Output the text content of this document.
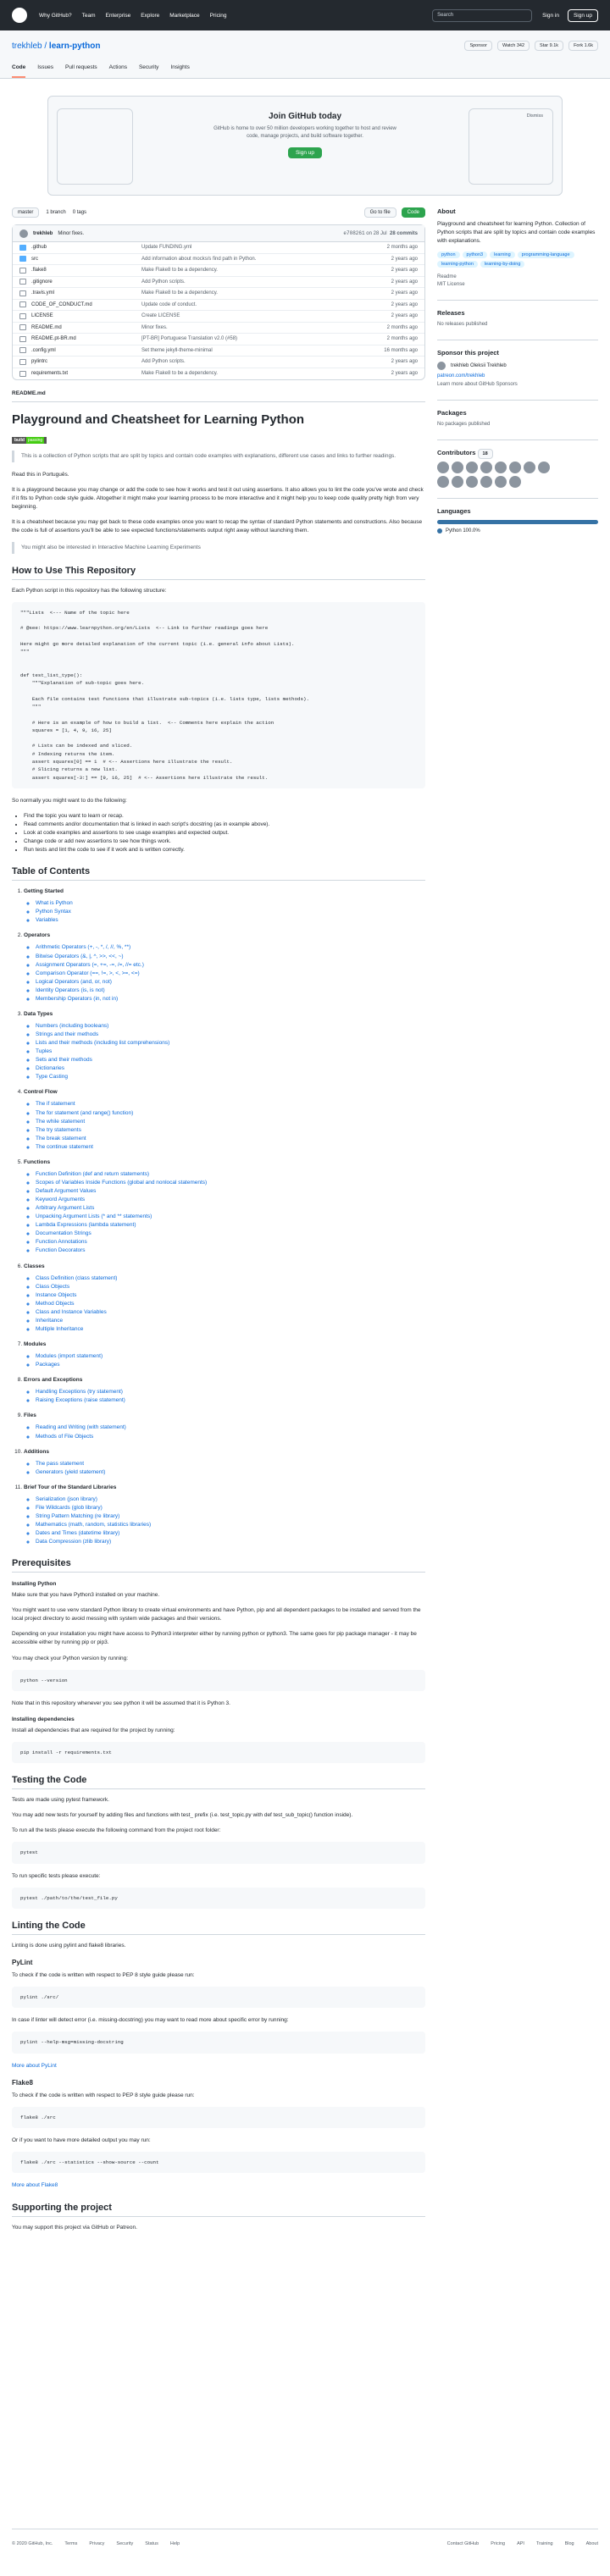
Why GitHub? Team Enterprise Explore Marketplace Pricing	Search	Sign in	Sign up
trekhleb / learn-python	Sponsor	Watch 342	Star 9.1k	Fork 1.6k
Code Issues Pull requests Actions Security Insights
Dismiss
Join GitHub today

GitHub is home to over 50 million developers working together to host and review code, manage projects, and build software together.

Sign up
master	1 branch 0 tags	Go to file	Code
trekhleb Minor fixes.	e708261 on 28 Jul 28 commits
.github	Update FUNDING.yml	2 months ago
src	Add information about mocks/s find path in Python.	2 years ago
.flake8	Make Flake8 to be a dependency.	2 years ago
.gitignore	Add Python scripts.	2 years ago
.travis.yml	Make Flake8 to be a dependency.	2 years ago
CODE_OF_CONDUCT.md	Update code of conduct.	2 years ago
LICENSE	Create LICENSE	2 years ago
README.md	Minor fixes.	2 months ago
README.pt-BR.md	[PT-BR] Portuguese Translation v2.0 (#58)	2 months ago
.config.yml	Set theme jekyll-theme-minimal	16 months ago
pylintrc	Add Python scripts.	2 years ago
requirements.txt	Make Flake8 to be a dependency.	2 years ago
README.md
Playground and Cheatsheet for Learning Python
build passing
This is a collection of Python scripts that are split by topics and contain code examples with explanations, different use cases and links to further readings.

Read this in Português.

It is a playground because you may change or add the code to see how it works and test it out using assertions. It also allows you to lint the code you've wrote and check if it fits to Python code style guide. Altogether it might make your learning process to be more interactive and it might help you to keep code quality pretty high from very beginning.

It is a cheatsheet because you may get back to these code examples once you want to recap the syntax of standard Python statements and constructions. Also because the code is full of assertions you'll be able to see expected functions/statements output right away without launching them.

You might also be interested in Interactive Machine Learning Experiments
How to Use This Repository

Each Python script in this repository has the following structure:

"""Lists  <--- Name of the topic here

# @see: https://www.learnpython.org/en/Lists  <-- Link to further readings goes here

Here might go more detailed explanation of the current topic (i.e. general info about Lists).
"""

def test_list_type():
"""Explanation of sub-topic goes here.

Each file contains test functions that illustrate sub-topics (i.e. lists type, lists methods).
"""

# Here is an example of how to build a list.  <-- Comments here explain the action
squares = [1, 4, 9, 16, 25]

# Lists can be indexed and sliced.
# Indexing returns the item.
assert squares[0] == 1  # <-- Assertions here illustrate the result.
# Slicing returns a new list.
assert squares[-3:] == [9, 16, 25]  # <-- Assertions here illustrate the result.

So normally you might want to do the following:

• Find the topic you want to learn or recap.
• Read comments and/or documentation that is linked in each script's docstring (as in example above).
• Look at code examples and assertions to see usage examples and expected output.
• Change code or add new assertions to see how things work.
• Run tests and lint the code to see if it work and is written correctly.
Table of Contents
1. Getting Started
◦ What is Python
◦ Python Syntax
◦ Variables
2. Operators
◦ Arithmetic Operators (+, -, *, /, //, %, **)
◦ Bitwise Operators (&, |, ^, >>, <<, ~)
◦ Assignment Operators (=, +=, -=, /=, //= etc.)
◦ Comparison Operator (==, !=, >, <, >=, <=)
◦ Logical Operators (and, or, not)
◦ Identity Operators (is, is not)
◦ Membership Operators (in, not in)
3. Data Types
◦ Numbers (including booleans)
◦ Strings and their methods
◦ Lists and their methods (including list comprehensions)
◦ Tuples
◦ Sets and their methods
◦ Dictionaries
◦ Type Casting
4. Control Flow
◦ The if statement
◦ The for statement (and range() function)
◦ The while statement
◦ The try statements
◦ The break statement
◦ The continue statement
5. Functions
◦ Function Definition (def and return statements)
◦ Scopes of Variables Inside Functions (global and nonlocal statements)
◦ Default Argument Values
◦ Keyword Arguments
◦ Arbitrary Argument Lists
◦ Unpacking Argument Lists (* and ** statements)
◦ Lambda Expressions (lambda statement)
◦ Documentation Strings
◦ Function Annotations
◦ Function Decorators
6. Classes
◦ Class Definition (class statement)
◦ Class Objects
◦ Instance Objects
◦ Method Objects
◦ Class and Instance Variables
◦ Inheritance
◦ Multiple Inheritance
7. Modules
◦ Modules (import statement)
◦ Packages
8. Errors and Exceptions
◦ Handling Exceptions (try statement)
◦ Raising Exceptions (raise statement)
9. Files
◦ Reading and Writing (with statement)
◦ Methods of File Objects
10. Additions
◦ The pass statement
◦ Generators (yield statement)
11. Brief Tour of the Standard Libraries
◦ Serialization (json library)
◦ File Wildcards (glob library)
◦ String Pattern Matching (re library)
◦ Mathematics (math, random, statistics libraries)
◦ Dates and Times (datetime library)
◦ Data Compression (zlib library)
Prerequisites
Installing Python

Make sure that you have Python3 installed on your machine.

You might want to use venv standard Python library to create virtual environments and have Python, pip and all dependent packages to be installed and served from the local project directory to avoid messing with system wide packages and their versions.

Depending on your installation you might have access to Python3 interpreter either by running python or python3. The same goes for pip package manager - it may be accessible either by running pip or pip3.

You may check your Python version by running:

python --version

Note that in this repository whenever you see python it will be assumed that it is Python 3.

Installing dependencies

Install all dependencies that are required for the project by running:

pip install -r requirements.txt
Testing the Code

Tests are made using pytest framework.

You may add new tests for yourself by adding files and functions with test_ prefix (i.e. test_topic.py with def test_sub_topic() function inside).

To run all the tests please execute the following command from the project root folder:

pytest

To run specific tests please execute:

pytest ./path/to/the/test_file.py
Linting the Code

Linting is done using pylint and flake8 libraries.

PyLint

To check if the code is written with respect to PEP 8 style guide please run:

pylint ./src/

In case if linter will detect error (i.e. missing-docstring) you may want to read more about specific error by running:

pylint --help-msg=missing-docstring

More about PyLint

Flake8

To check if the code is written with respect to PEP 8 style guide please run:

flake8 ./src

Or if you want to have more detailed output you may run:

flake8 ./src --statistics --show-source --count

More about Flake8

Supporting the project

You may support this project via GitHub or Patreon.

About

Playground and cheatsheet for learning Python. Collection of Python scripts that are split by topics and contain code examples with explanations.

python	python3	learning	programming-language
learning-python	learning-by-doing
Readme
MIT License
Releases
No releases published
Sponsor this project
trekhleb Oleksii Trekhleb
patreon.com/trekhleb
Learn more about GitHub Sponsors
Packages
No packages published
Contributors 18
Languages
Python 100.0%
© 2020 GitHub, Inc.	Terms	Privacy	Security	Status	Help	Contact GitHub	Pricing	API	Training	Blog	About
